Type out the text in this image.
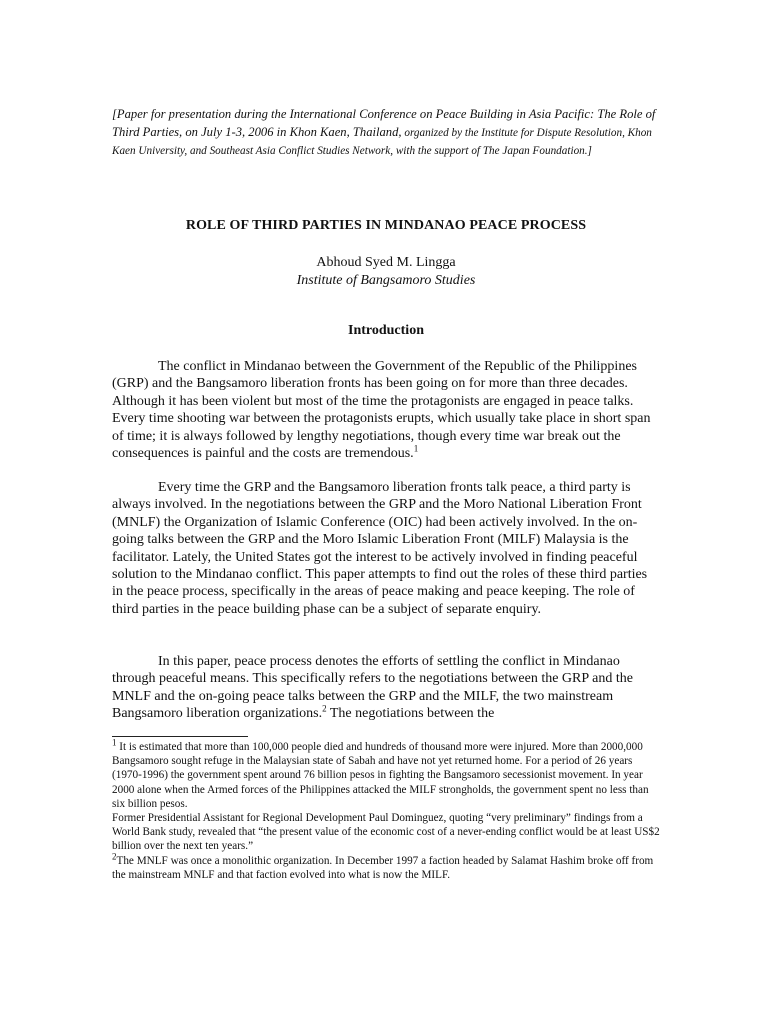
[Paper for presentation during the International Conference on Peace Building in Asia Pacific: The Role of Third Parties, on July 1-3, 2006 in Khon Kaen, Thailand, organized by the Institute for Dispute Resolution, Khon Kaen University, and Southeast Asia Conflict Studies Network, with the support of The Japan Foundation.]
ROLE OF THIRD PARTIES IN MINDANAO PEACE PROCESS
Abhoud Syed M. Lingga
Institute of Bangsamoro Studies
Introduction
The conflict in Mindanao between the Government of the Republic of the Philippines (GRP) and the Bangsamoro liberation fronts has been going on for more than three decades. Although it has been violent but most of the time the protagonists are engaged in peace talks. Every time shooting war between the protagonists erupts, which usually take place in short span of time; it is always followed by lengthy negotiations, though every time war break out the consequences is painful and the costs are tremendous.$^1$
Every time the GRP and the Bangsamoro liberation fronts talk peace, a third party is always involved. In the negotiations between the GRP and the Moro National Liberation Front (MNLF) the Organization of Islamic Conference (OIC) had been actively involved. In the on-going talks between the GRP and the Moro Islamic Liberation Front (MILF) Malaysia is the facilitator. Lately, the United States got the interest to be actively involved in finding peaceful solution to the Mindanao conflict. This paper attempts to find out the roles of these third parties in the peace process, specifically in the areas of peace making and peace keeping. The role of third parties in the peace building phase can be a subject of separate enquiry.
In this paper, peace process denotes the efforts of settling the conflict in Mindanao through peaceful means. This specifically refers to the negotiations between the GRP and the MNLF and the on-going peace talks between the GRP and the MILF, the two mainstream Bangsamoro liberation organizations.$^2$ The negotiations between the

$^1$ It is estimated that more than 100,000 people died and hundreds of thousand more were injured. More than 2000,000 Bangsamoro sought refuge in the Malaysian state of Sabah and have not yet returned home. For a period of 26 years (1970-1996) the government spent around 76 billion pesos in fighting the Bangsamoro secessionist movement. In year 2000 alone when the Armed forces of the Philippines attacked the MILF strongholds, the government spent no less than six billion pesos.

Former Presidential Assistant for Regional Development Paul Dominguez, quoting “very preliminary” findings from a World Bank study, revealed that “the present value of the economic cost of a never-ending conflict would be at least US$2 billion over the next ten years.”

$^2$The MNLF was once a monolithic organization. In December 1997 a faction headed by Salamat Hashim broke off from the mainstream MNLF and that faction evolved into what is now the MILF.
